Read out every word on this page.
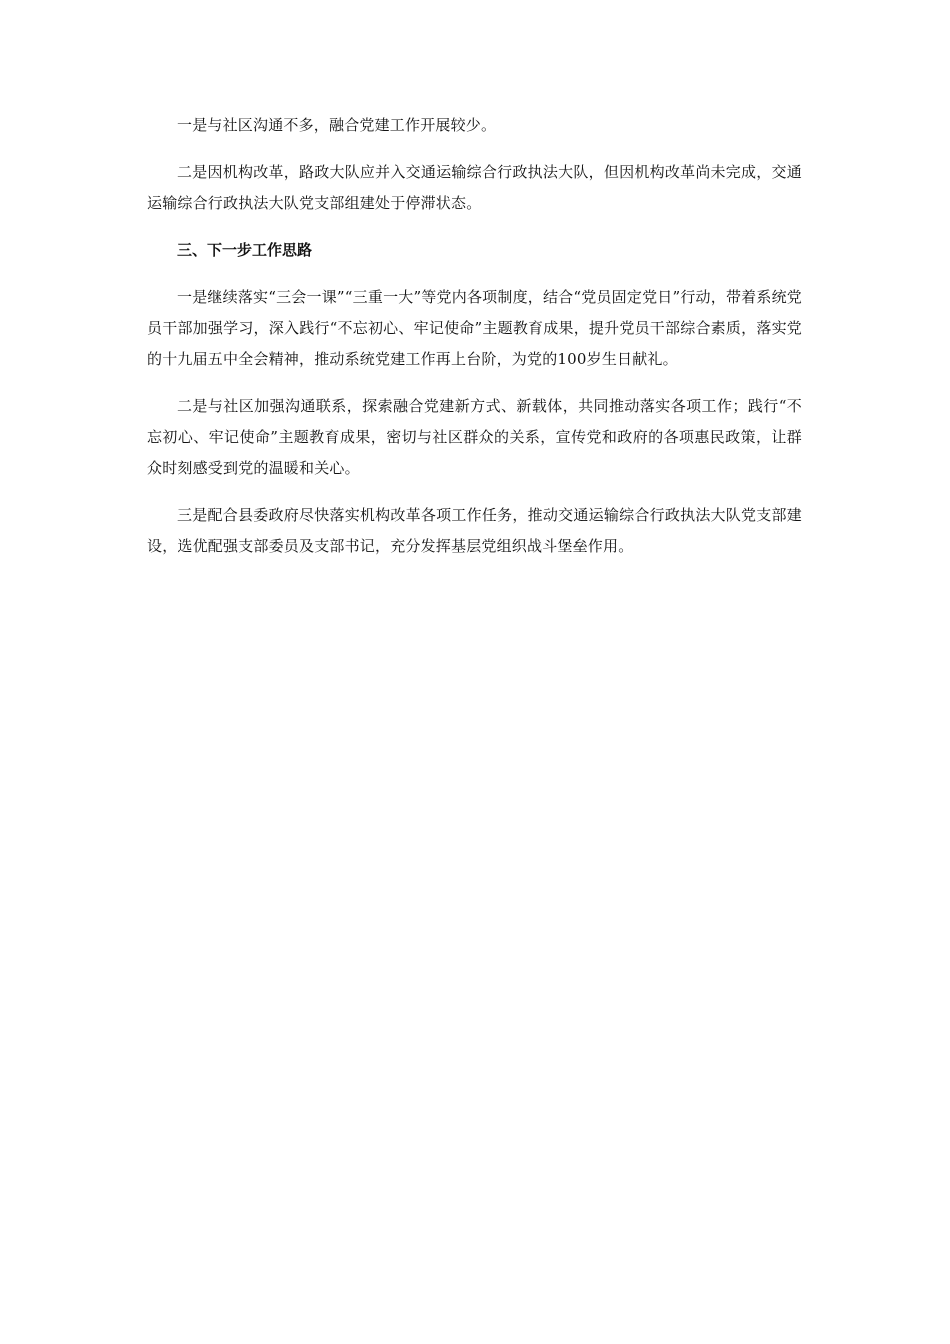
一是与社区沟通不多，融合党建工作开展较少。

二是因机构改革，路政大队应并入交通运输综合行政执法大队，但因机构改革尚未完成，交通运输综合行政执法大队党支部组建处于停滞状态。

三、下一步工作思路

一是继续落实“三会一课”“三重一大”等党内各项制度，结合“党员固定党日”行动，带着系统党员干部加强学习，深入践行“不忘初心、牢记使命”主题教育成果，提升党员干部综合素质，落实党的十九届五中全会精神，推动系统党建工作再上台阶，为党的100岁生日献礼。

二是与社区加强沟通联系，探索融合党建新方式、新载体，共同推动落实各项工作；践行“不忘初心、牢记使命”主题教育成果，密切与社区群众的关系，宣传党和政府的各项惠民政策，让群众时刻感受到党的温暖和关心。

三是配合县委政府尽快落实机构改革各项工作任务，推动交通运输综合行政执法大队党支部建设，选优配强支部委员及支部书记，充分发挥基层党组织战斗堡垒作用。
